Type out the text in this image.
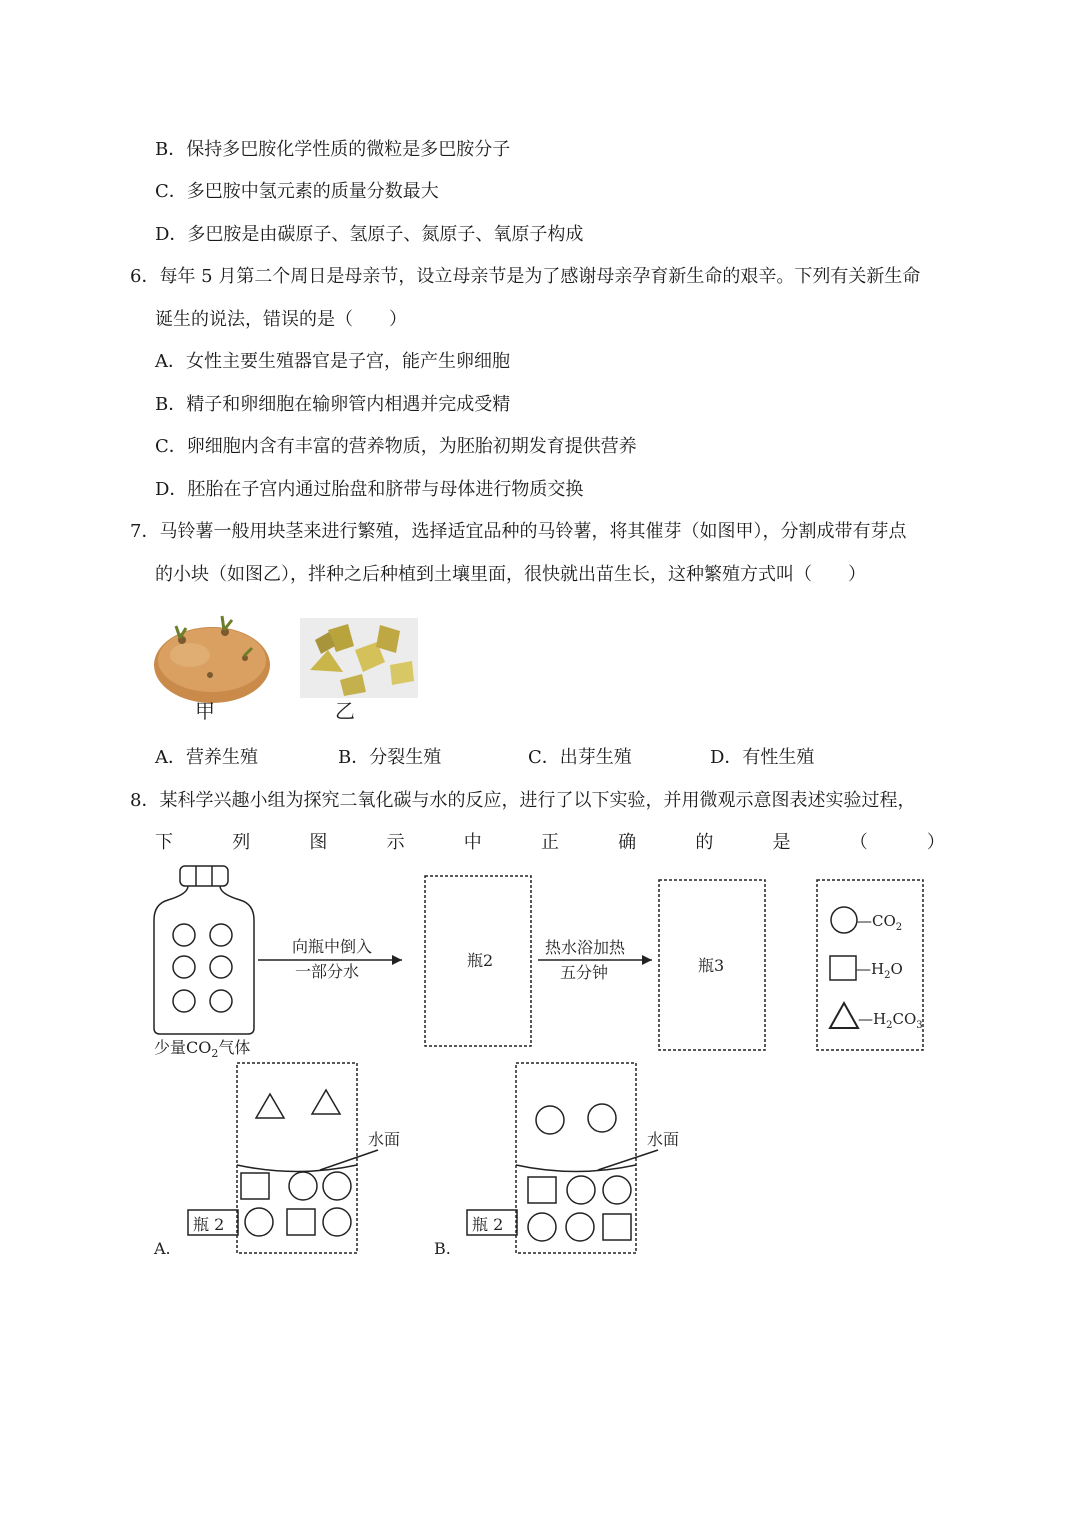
B．保持多巴胺化学性质的微粒是多巴胺分子
C．多巴胺中氢元素的质量分数最大
D．多巴胺是由碳原子、氢原子、氮原子、氧原子构成
6．每年 5 月第二个周日是母亲节，设立母亲节是为了感谢母亲孕育新生命的艰辛。下列有关新生命
诞生的说法，错误的是（　　）
A．女性主要生殖器官是子宫，能产生卵细胞
B．精子和卵细胞在输卵管内相遇并完成受精
C．卵细胞内含有丰富的营养物质，为胚胎初期发育提供营养
D．胚胎在子宫内通过胎盘和脐带与母体进行物质交换
7．马铃薯一般用块茎来进行繁殖，选择适宜品种的马铃薯，将其催芽（如图甲），分割成带有芽点
的小块（如图乙），拌种之后种植到土壤里面，很快就出苗生长，这种繁殖方式叫（　　）
甲	乙
A．营养生殖	B．分裂生殖	C．出芽生殖	D．有性生殖
8．某科学兴趣小组为探究二氧化碳与水的反应，进行了以下实验，并用微观示意图表述实验过程，
下	列	图	示	中	正	确	的	是	（	）
少量$CO_2$气体
向瓶中倒入
一部分水
瓶2
热水浴加热
五分钟	瓶3
$—CO_2$
$—H_2O$
$—H_2CO_3$
水面
瓶 2
A.
水面
瓶 2
B.
